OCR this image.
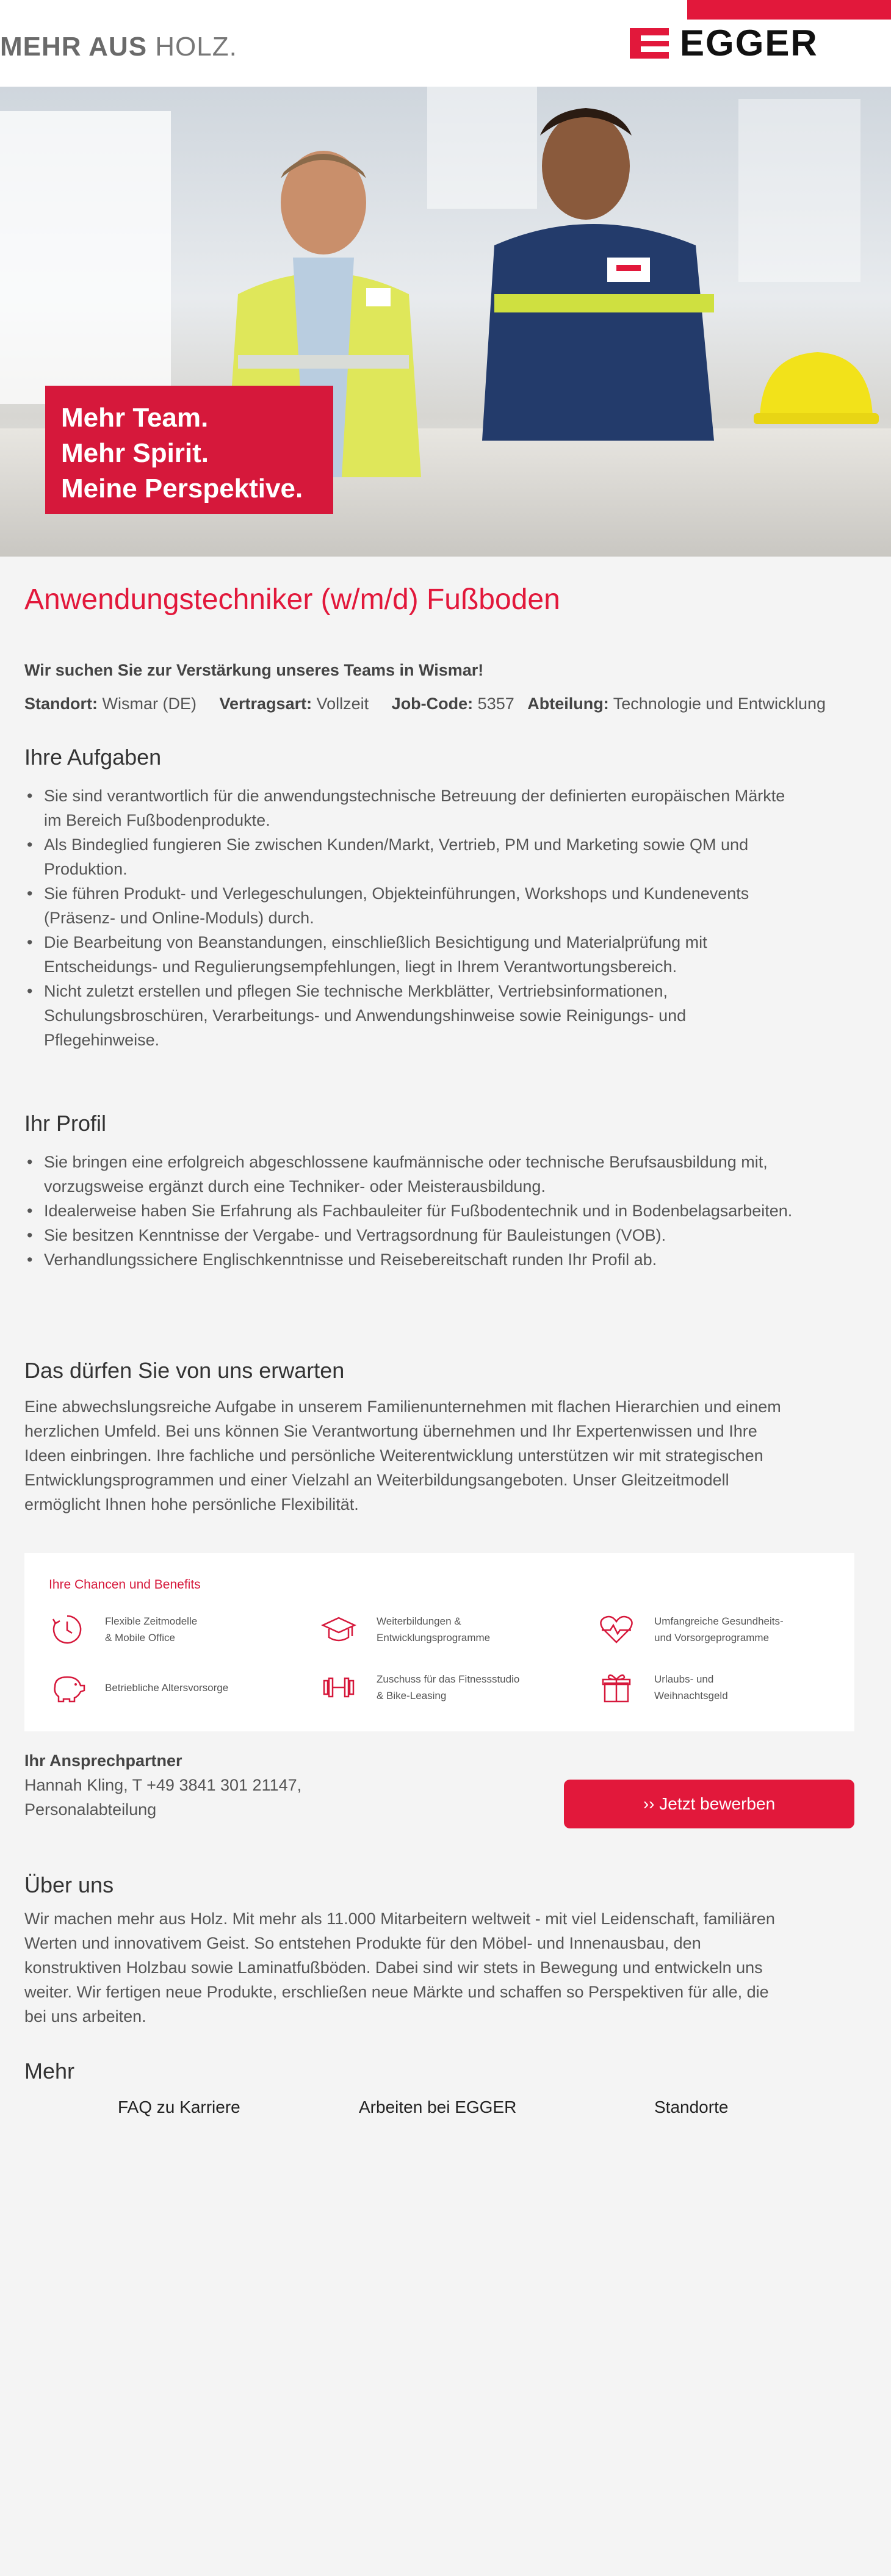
MEHR AUS HOLZ.	EGGER
Mehr Team.
Mehr Spirit.
Meine Perspektive.
Anwendungstechniker (w/m/d) Fußboden
Wir suchen Sie zur Verstärkung unseres Teams in Wismar!
Standort: Wismar (DE) Vertragsart: Vollzeit Job-Code: 5357 Abteilung: Technologie und Entwicklung
Ihre Aufgaben
• Sie sind verantwortlich für die anwendungstechnische Betreuung der definierten europäischen Märkte
im Bereich Fußbodenprodukte.
• Als Bindeglied fungieren Sie zwischen Kunden/Markt, Vertrieb, PM und Marketing sowie QM und
Produktion.
• Sie führen Produkt- und Verlegeschulungen, Objekteinführungen, Workshops und Kundenevents
(Präsenz- und Online-Moduls) durch.
• Die Bearbeitung von Beanstandungen, einschließlich Besichtigung und Materialprüfung mit
Entscheidungs- und Regulierungsempfehlungen, liegt in Ihrem Verantwortungsbereich.
• Nicht zuletzt erstellen und pflegen Sie technische Merkblätter, Vertriebsinformationen,
Schulungsbroschüren, Verarbeitungs- und Anwendungshinweise sowie Reinigungs- und
Pflegehinweise.
Ihr Profil
• Sie bringen eine erfolgreich abgeschlossene kaufmännische oder technische Berufsausbildung mit,
vorzugsweise ergänzt durch eine Techniker- oder Meisterausbildung.
• Idealerweise haben Sie Erfahrung als Fachbauleiter für Fußbodentechnik und in Bodenbelagsarbeiten.
• Sie besitzen Kenntnisse der Vergabe- und Vertragsordnung für Bauleistungen (VOB).
• Verhandlungssichere Englischkenntnisse und Reisebereitschaft runden Ihr Profil ab.
Das dürfen Sie von uns erwarten

Eine abwechslungsreiche Aufgabe in unserem Familienunternehmen mit flachen Hierarchien und einem
herzlichen Umfeld. Bei uns können Sie Verantwortung übernehmen und Ihr Expertenwissen und Ihre
Ideen einbringen. Ihre fachliche und persönliche Weiterentwicklung unterstützen wir mit strategischen
Entwicklungsprogrammen und einer Vielzahl an Weiterbildungsangeboten. Unser Gleitzeitmodell
ermöglicht Ihnen hohe persönliche Flexibilität.

Ihre Chancen und Benefits
Flexible Zeitmodelle
& Mobile Office
Weiterbildungen &
Entwicklungsprogramme
Umfangreiche Gesundheits-
und Vorsorgeprogramme
Betriebliche Altersvorsorge
Zuschuss für das Fitnessstudio
& Bike-Leasing
Urlaubs- und
Weihnachtsgeld
Ihr Ansprechpartner
Hannah Kling, T +49 3841 301 21147,
Personalabteilung	›› Jetzt bewerben
Über uns

Wir machen mehr aus Holz. Mit mehr als 11.000 Mitarbeitern weltweit - mit viel Leidenschaft, familiären
Werten und innovativem Geist. So entstehen Produkte für den Möbel- und Innenausbau, den
konstruktiven Holzbau sowie Laminatfußböden. Dabei sind wir stets in Bewegung und entwickeln uns
weiter. Wir fertigen neue Produkte, erschließen neue Märkte und schaffen so Perspektiven für alle, die
bei uns arbeiten.

Mehr
FAQ zu Karriere	Arbeiten bei EGGER	Standorte
